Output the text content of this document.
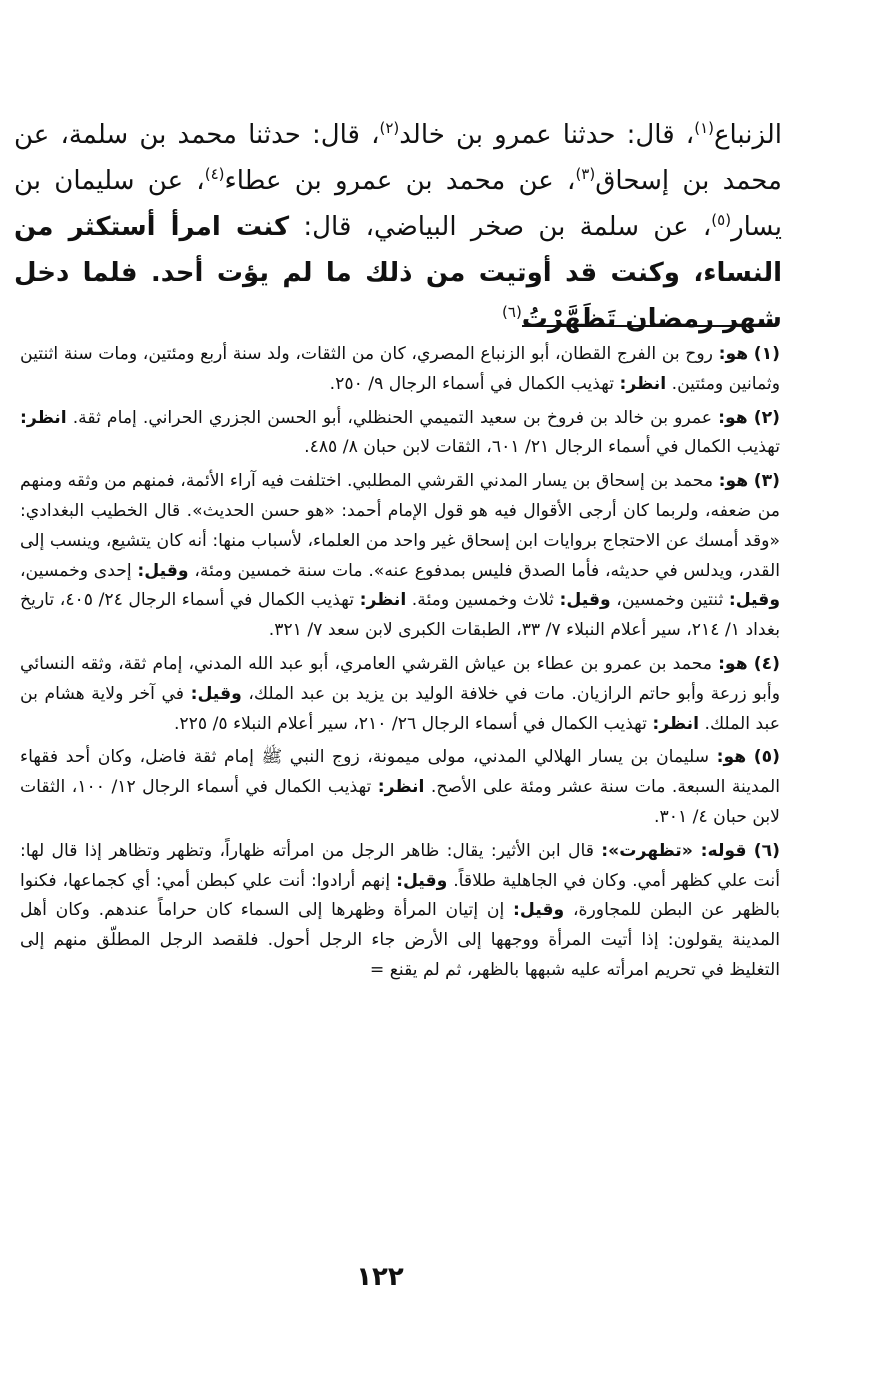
الزنباع$^{(١)}$، قال: حدثنا عمرو بن خالد$^{(٢)}$، قال: حدثنا محمد بن سلمة، عن محمد بن إسحاق$^{(٣)}$، عن محمد بن عمرو بن عطاء$^{(٤)}$، عن سليمان بن يسار$^{(٥)}$، عن سلمة بن صخر البياضي، قال: كنت امرأ أستكثر من النساء، وكنت قد أوتيت من ذلك ما لم يؤت أحد. فلما دخل شهر رمضان تَظَهَّرْتُ$^{(٦)}$

(١) هو: روح بن الفرج القطان، أبو الزنباع المصري، كان من الثقات، ولد سنة أربع ومئتين، ومات سنة اثنتين وثمانين ومئتين. انظر: تهذيب الكمال في أسماء الرجال ٩/ ٢٥٠.

(٢) هو: عمرو بن خالد بن فروخ بن سعيد التميمي الحنظلي، أبو الحسن الجزري الحراني. إمام ثقة. انظر: تهذيب الكمال في أسماء الرجال ٢١/ ٦٠١، الثقات لابن حبان ٨/ ٤٨٥.

(٣) هو: محمد بن إسحاق بن يسار المدني القرشي المطلبي. اختلفت فيه آراء الأئمة، فمنهم من وثقه ومنهم من ضعفه، ولربما كان أرجى الأقوال فيه هو قول الإمام أحمد: «هو حسن الحديث». قال الخطيب البغدادي: «وقد أمسك عن الاحتجاج بروايات ابن إسحاق غير واحد من العلماء، لأسباب منها: أنه كان يتشيع، وينسب إلى القدر، ويدلس في حديثه، فأما الصدق فليس بمدفوع عنه». مات سنة خمسين ومئة، وقيل: إحدى وخمسين، وقيل: ثنتين وخمسين، وقيل: ثلاث وخمسين ومئة. انظر: تهذيب الكمال في أسماء الرجال ٢٤/ ٤٠٥، تاريخ بغداد ١/ ٢١٤، سير أعلام النبلاء ٧/ ٣٣، الطبقات الكبرى لابن سعد ٧/ ٣٢١.

(٤) هو: محمد بن عمرو بن عطاء بن عياش القرشي العامري، أبو عبد الله المدني، إمام ثقة، وثقه النسائي وأبو زرعة وأبو حاتم الرازيان. مات في خلافة الوليد بن يزيد بن عبد الملك، وقيل: في آخر ولاية هشام بن عبد الملك. انظر: تهذيب الكمال في أسماء الرجال ٢٦/ ٢١٠، سير أعلام النبلاء ٥/ ٢٢٥.

(٥) هو: سليمان بن يسار الهلالي المدني، مولى ميمونة، زوج النبي ﷺ إمام ثقة فاضل، وكان أحد فقهاء المدينة السبعة. مات سنة عشر ومئة على الأصح. انظر: تهذيب الكمال في أسماء الرجال ١٢/ ١٠٠، الثقات لابن حبان ٤/ ٣٠١.

(٦) قوله: «تظهرت»: قال ابن الأثير: يقال: ظاهر الرجل من امرأته ظهاراً، وتظهر وتظاهر إذا قال لها: أنت علي كظهر أمي. وكان في الجاهلية طلاقاً. وقيل: إنهم أرادوا: أنت علي كبطن أمي: أي كجماعها، فكنوا بالظهر عن البطن للمجاورة، وقيل: إن إتيان المرأة وظهرها إلى السماء كان حراماً عندهم. وكان أهل المدينة يقولون: إذا أتيت المرأة ووجهها إلى الأرض جاء الرجل أحول. فلقصد الرجل المطلّق منهم إلى التغليظ في تحريم امرأته عليه شبهها بالظهر، ثم لم يقنع =

١٢٢
